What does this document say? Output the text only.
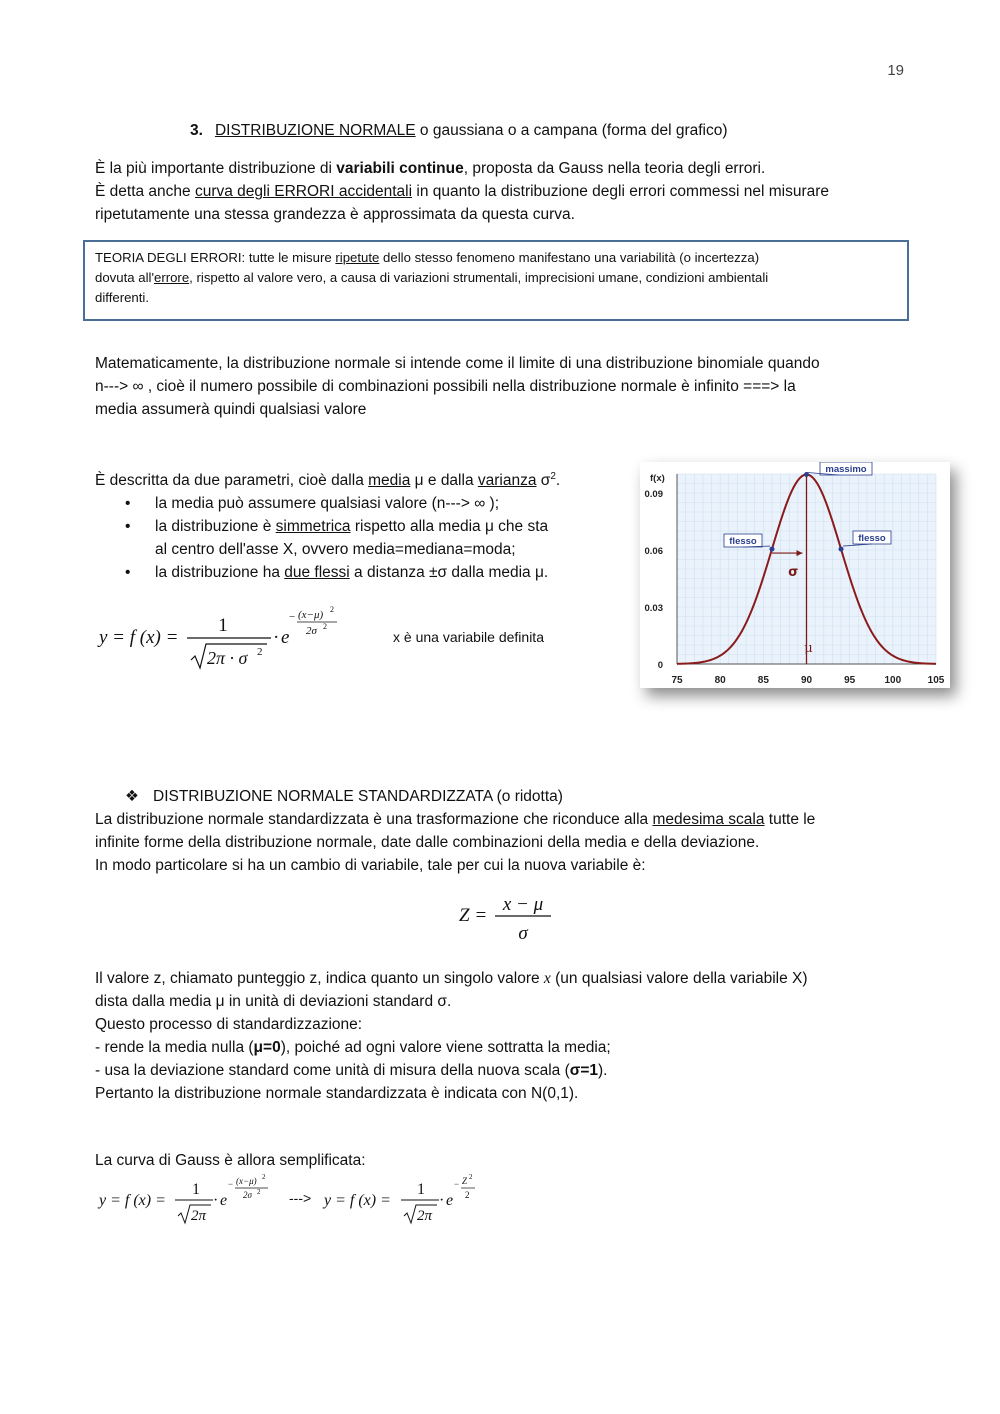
19
3. DISTRIBUZIONE NORMALE o gaussiana o a campana (forma del grafico)

È la più importante distribuzione di variabili continue, proposta da Gauss nella teoria degli errori.

È detta anche curva degli ERRORI accidentali in quanto la distribuzione degli errori commessi nel misurare

ripetutamente una stessa grandezza è approssimata da questa curva.

TEORIA DEGLI ERRORI: tutte le misure ripetute dello stesso fenomeno manifestano una variabilità (o incertezza)

dovuta all'errore, rispetto al valore vero, a causa di variazioni strumentali, imprecisioni umane, condizioni ambientali

differenti.

Matematicamente, la distribuzione normale si intende come il limite di una distribuzione binomiale quando

n---> ∞ , cioè il numero possibile di combinazioni possibili nella distribuzione normale è infinito ===> la

media assumerà quindi qualsiasi valore

È descritta da due parametri, cioè dalla media μ e dalla varianza $\sigma^2$.

• la media può assumere qualsiasi valore (n---> ∞ );
• la distribuzione è simmetrica rispetto alla media μ che sta
al centro dell'asse X, ovvero media=mediana=moda;
• la distribuzione ha due flessi a distanza ±σ dalla media μ.
y = f (x) =
1
2π · σ 2
· e
− (x−μ) 2
2σ 2
x è una variabile definita
75	80	85	90	95	100	105
0
0.03
0.06
0.09
f(x)
σ
μ
massimo
flesso	flesso

❖ DISTRIBUZIONE NORMALE STANDARDIZZATA (o ridotta)

La distribuzione normale standardizzata è una trasformazione che riconduce alla medesima scala tutte le

infinite forme della distribuzione normale, date dalle combinazioni della media e della deviazione.

In modo particolare si ha un cambio di variabile, tale per cui la nuova variabile è:

Z =
x − μ
σ

Il valore z, chiamato punteggio z, indica quanto un singolo valore x (un qualsiasi valore della variabile X)

dista dalla media μ in unità di deviazioni standard σ.

Questo processo di standardizzazione:

- rende la media nulla (μ=0), poiché ad ogni valore viene sottratta la media;

- usa la deviazione standard come unità di misura della nuova scala (σ=1).

Pertanto la distribuzione normale standardizzata è indicata con N(0,1).

La curva di Gauss è allora semplificata:
y = f (x) =
1
2π
· e
− (x−μ) 2
2σ 2 ---> y = f (x) =
1
2π
· e
− Z 2
2
